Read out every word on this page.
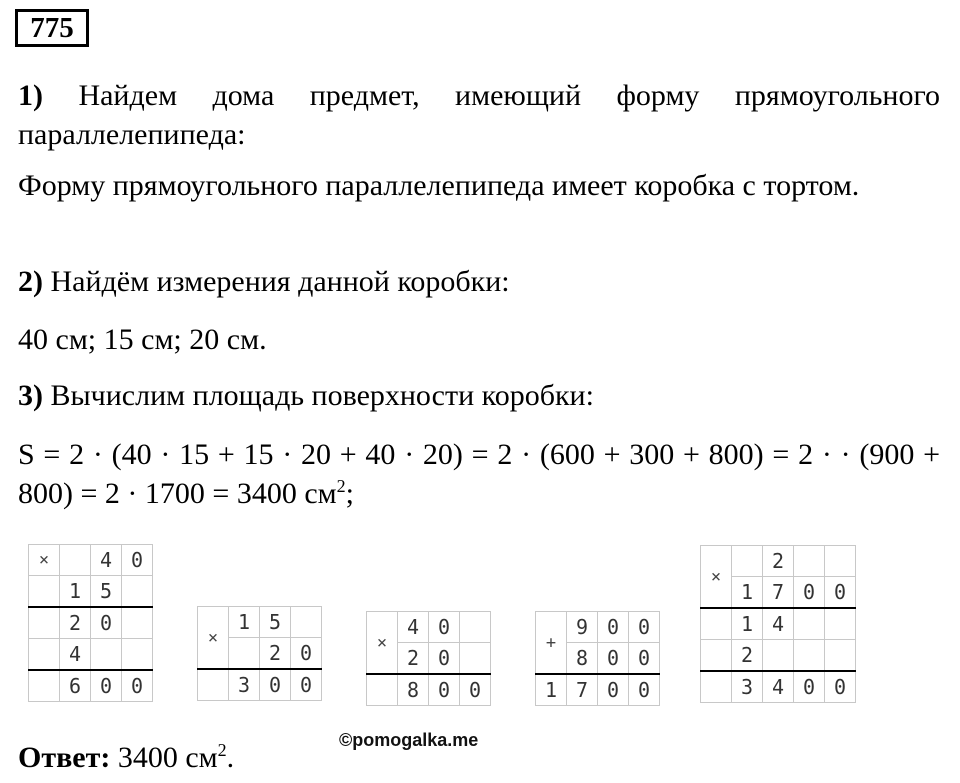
775

1) Найдем дома предмет, имеющий форму прямоугольного параллелепипеда:

Форму прямоугольного параллелепипеда имеет коробка с тортом.

2) Найдём измерения данной коробки:

40 см; 15 см; 20 см.

3) Вычислим площадь поверхности коробки:

S = 2 · (40 · 15 + 15 · 20 + 40 · 20) = 2 · (600 + 300 + 800) = 2 · · (900 + 800) = 2 · 1700 = 3400 $см^2$;

×		4	0
	1	5	
	2	0	
	4		
	6	0	0
×	1	5	
		2	0
	3	0	0
×	4	0	
	2	0	
	8	0	0
+	9	0	0
	8	0	0
1	7	0	0
×		2		
	1	7	0	0
	1	4		
	2			
	3	4	0	0
©pomogalka.me
Ответ: 3400 $см^2$.
